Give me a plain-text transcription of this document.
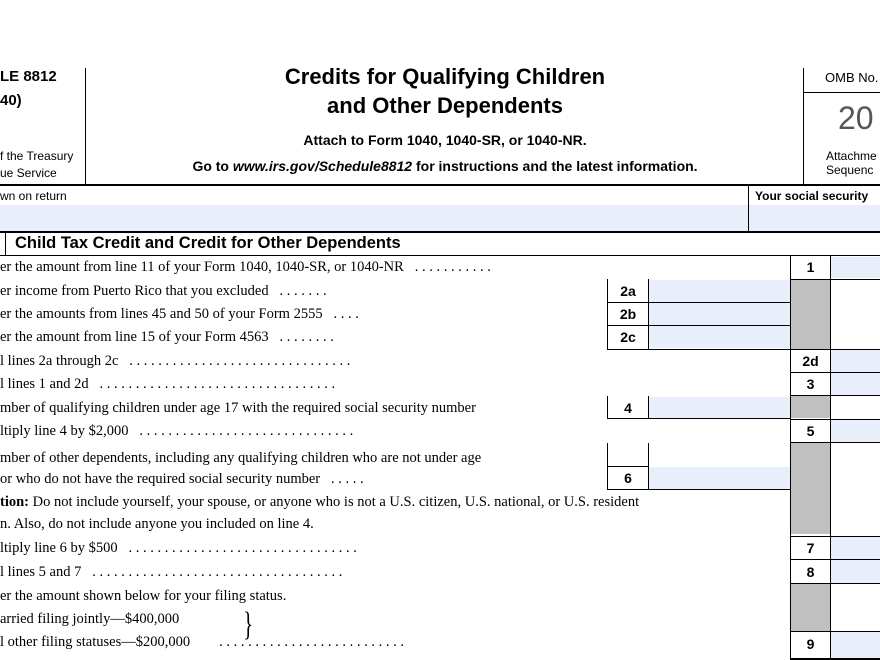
LE 8812
40)
f the Treasury
ue Service
Credits for Qualifying Children
and Other Dependents
Attach to Form 1040, 1040-SR, or 1040-NR.
Go to www.irs.gov/Schedule8812 for instructions and the latest information.
OMB No.
20
Attachme
Sequenc
wn on return	Your social security
Child Tax Credit and Credit for Other Dependents
1
2a
2b
2c
2d
3
4
5
6
7
8
9
er the amount from line 11 of your Form 1040, 1040-SR, or 1040-NR . . . . . . . . . . .
er income from Puerto Rico that you excluded . . . . . . .
er the amounts from lines 45 and 50 of your Form 2555 . . . .
er the amount from line 15 of your Form 4563 . . . . . . . .
l lines 2a through 2c . . . . . . . . . . . . . . . . . . . . . . . . . . . . . . .
l lines 1 and 2d . . . . . . . . . . . . . . . . . . . . . . . . . . . . . . . . .
mber of qualifying children under age 17 with the required social security number
ltiply line 4 by $2,000 . . . . . . . . . . . . . . . . . . . . . . . . . . . . . .
mber of other dependents, including any qualifying children who are not under age
or who do not have the required social security number . . . . .
tion: Do not include yourself, your spouse, or anyone who is not a U.S. citizen, U.S. national, or U.S. resident
n. Also, do not include anyone you included on line 4.
ltiply line 6 by $500 . . . . . . . . . . . . . . . . . . . . . . . . . . . . . . . .
l lines 5 and 7 . . . . . . . . . . . . . . . . . . . . . . . . . . . . . . . . . . .
er the amount shown below for your filing status.
arried filing jointly—$400,000
l other filing statuses—$200,000 . . . . . . . . . . . . . . . . . . . . . . . . . .
}
